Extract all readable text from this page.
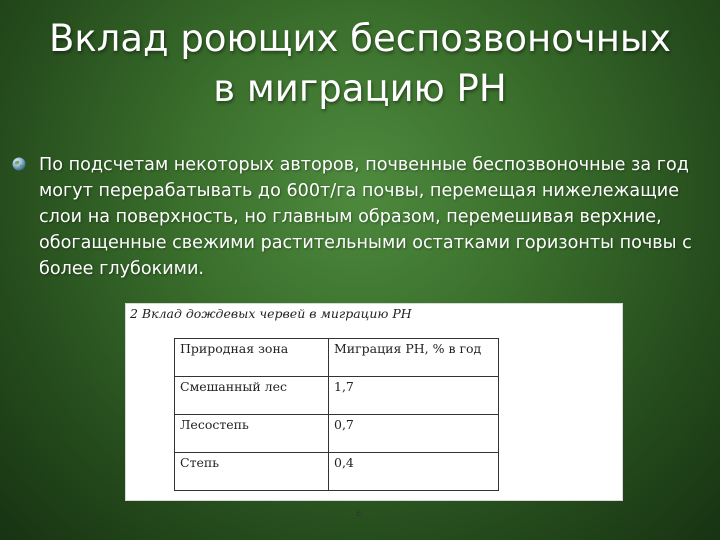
Вклад роющих беспозвоночных
в миграцию РН
По подсчетам некоторых авторов, почвенные беспозвоночные за год могут перерабатывать до 600т/га почвы, перемещая нижележащие слои на поверхность, но главным образом, перемешивая верхние, обогащенные свежими растительными остатками горизонты почвы с более глубокими.
2 Вклад дождевых червей в миграцию РН
Природная зона	Миграция РН, % в год
Смешанный лес	1,7
Лесостепь	0,7
Степь	0,4
6
